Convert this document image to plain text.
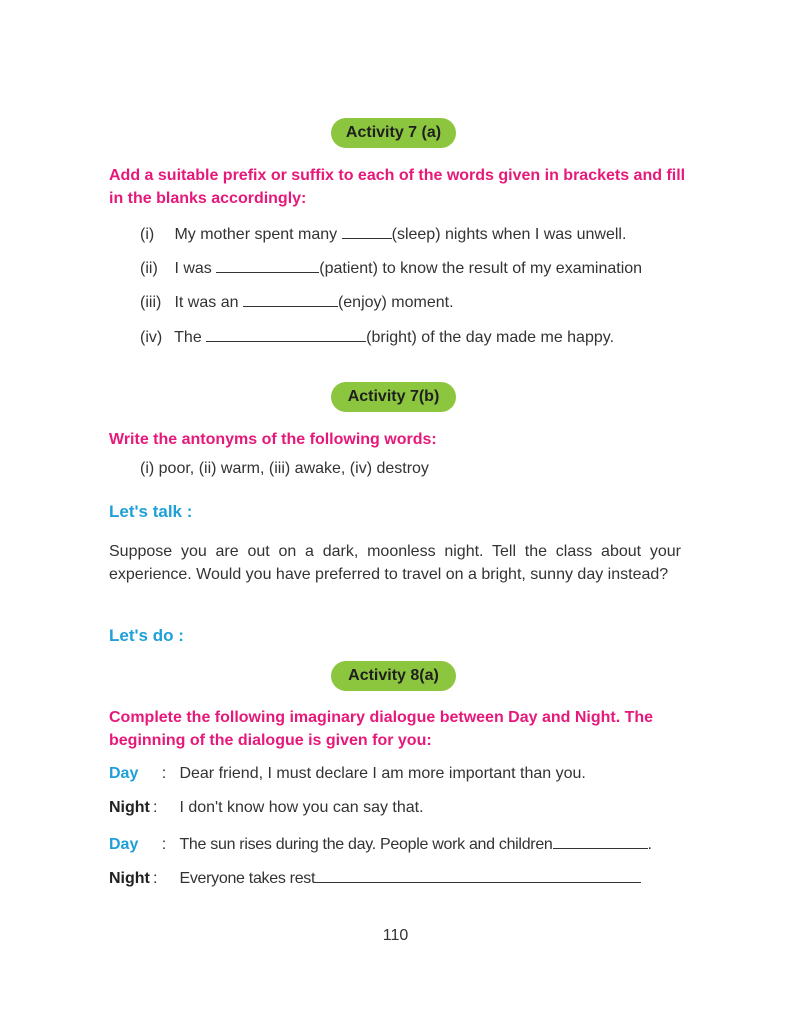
Activity 7 (a)
Add a suitable prefix or suffix to each of the words given in brackets and fill in the blanks accordingly:
(i) My mother spent many	(sleep) nights when I was unwell.
(ii) I was	(patient) to know the result of my examination
(iii) It was an	(enjoy) moment.
(iv) The	(bright) of the day made me happy.
Activity 7(b)
Write the antonyms of the following words:
(i) poor, (ii) warm, (iii) awake, (iv) destroy
Let's talk :
Suppose you are out on a dark, moonless night. Tell the class about your experience. Would you have preferred to travel on a bright, sunny day instead?
Let's do :
Activity 8(a)
Complete the following imaginary dialogue between Day and Night. The beginning of the dialogue is given for you:
Day : Dear friend, I must declare I am more important than you.
Night : I don't know how you can say that.
Day : The sun rises during the day. People work and children	.
Night : Everyone takes rest
110
